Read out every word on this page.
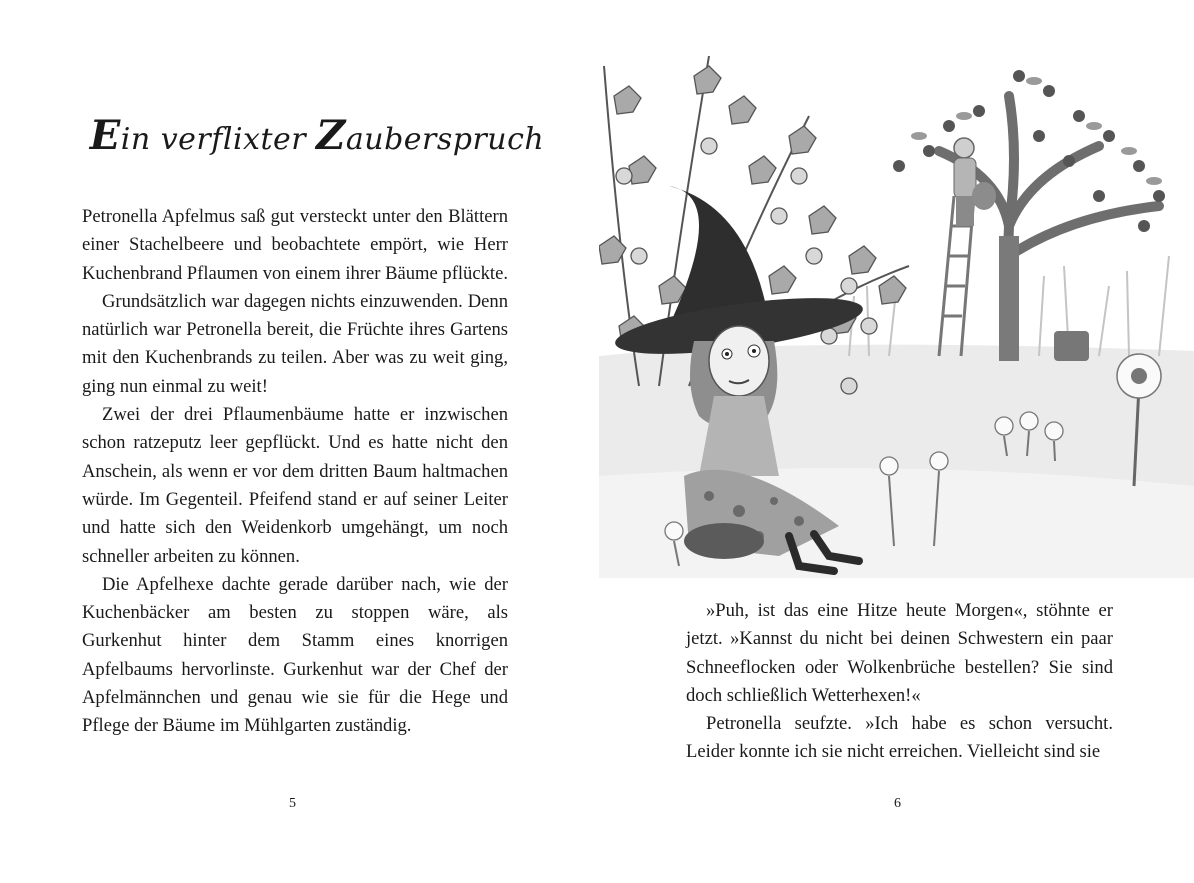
Ein verflixter Zauberspruch

Petronella Apfelmus saß gut versteckt unter den Blättern einer Stachelbeere und beobachtete empört, wie Herr Kuchenbrand Pflaumen von einem ihrer Bäume pflückte.

Grundsätzlich war dagegen nichts einzuwenden. Denn natürlich war Petronella bereit, die Früchte ihres Gartens mit den Kuchenbrands zu teilen. Aber was zu weit ging, ging nun einmal zu weit!

Zwei der drei Pflaumenbäume hatte er inzwischen schon ratzeputz leer gepflückt. Und es hatte nicht den Anschein, als wenn er vor dem dritten Baum haltmachen würde. Im Gegenteil. Pfeifend stand er auf seiner Leiter und hatte sich den Weidenkorb umgehängt, um noch schneller arbeiten zu können.

Die Apfelhexe dachte gerade darüber nach, wie der Kuchenbäcker am besten zu stoppen wäre, als Gurkenhut hinter dem Stamm eines knorrigen Apfelbaums hervorlinste. Gurkenhut war der Chef der Apfelmännchen und genau wie sie für die Hege und Pflege der Bäume im Mühlgarten zuständig.

5

»Puh, ist das eine Hitze heute Morgen«, stöhnte er jetzt. »Kannst du nicht bei deinen Schwestern ein paar Schneeflocken oder Wolkenbrüche bestellen? Sie sind doch schließlich Wetterhexen!«

Petronella seufzte. »Ich habe es schon versucht. Leider konnte ich sie nicht erreichen. Vielleicht sind sie

6
